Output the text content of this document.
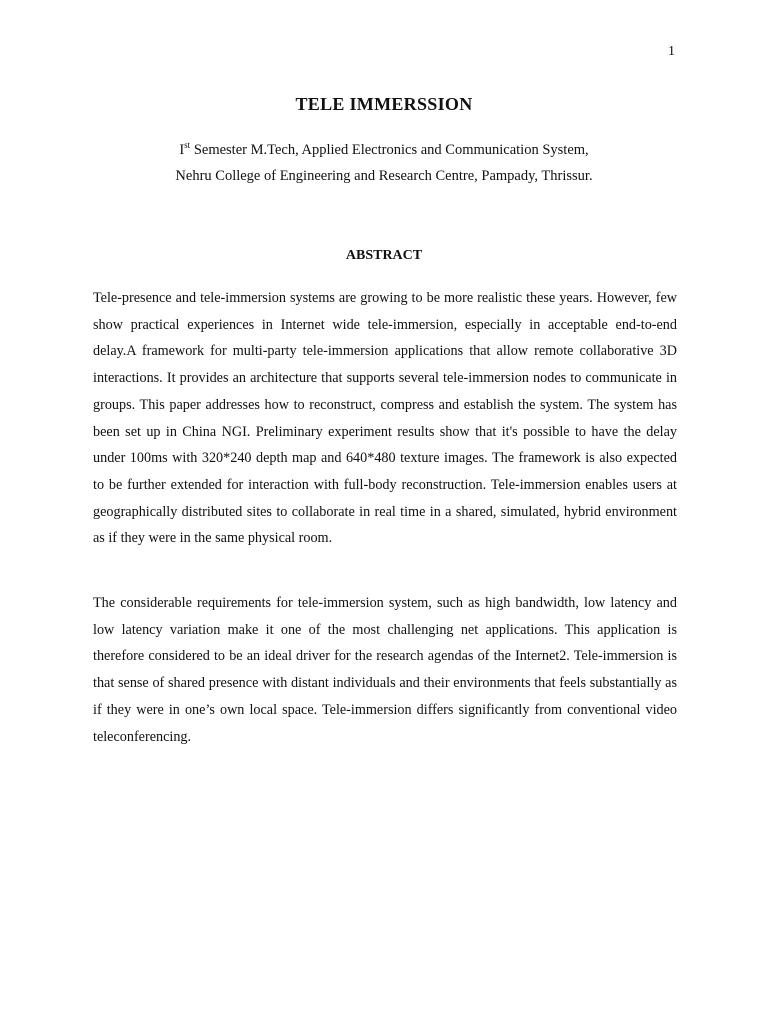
1
TELE IMMERSSION
Ist Semester M.Tech, Applied Electronics and Communication System,
Nehru College of Engineering and Research Centre, Pampady, Thrissur.
ABSTRACT

Tele-presence and tele-immersion systems are growing to be more realistic these years. However, few show practical experiences in Internet wide tele-immersion, especially in acceptable end-to-end delay.A framework for multi-party tele-immersion applications that allow remote collaborative 3D interactions. It provides an architecture that supports several tele-immersion nodes to communicate in groups. This paper addresses how to reconstruct, compress and establish the system. The system has been set up in China NGI. Preliminary experiment results show that it's possible to have the delay under 100ms with 320*240 depth map and 640*480 texture images. The framework is also expected to be further extended for interaction with full-body reconstruction. Tele-immersion enables users at geographically distributed sites to collaborate in real time in a shared, simulated, hybrid environment as if they were in the same physical room.

The considerable requirements for tele-immersion system, such as high bandwidth, low latency and low latency variation make it one of the most challenging net applications. This application is therefore considered to be an ideal driver for the research agendas of the Internet2. Tele-immersion is that sense of shared presence with distant individuals and their environments that feels substantially as if they were in one’s own local space. Tele-immersion differs significantly from conventional video teleconferencing.
